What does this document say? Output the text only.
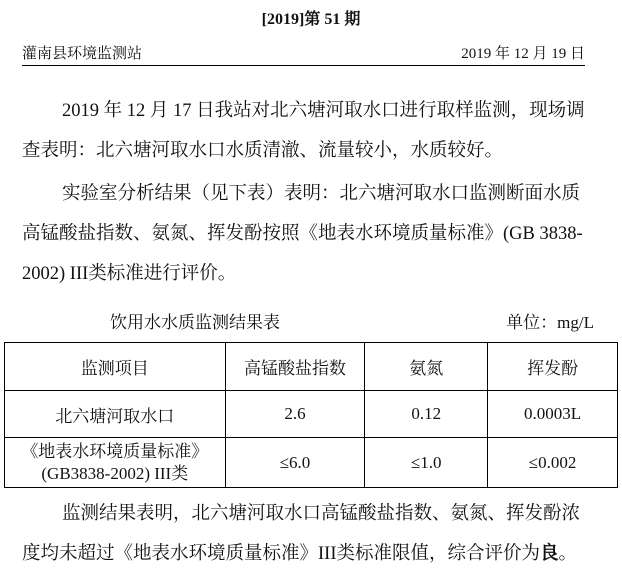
[2019]第 51 期
灌南县环境监测站	2019 年 12 月 19 日
2019 年 12 月 17 日我站对北六塘河取水口进行取样监测，现场调查表明：北六塘河取水口水质清澈、流量较小，水质较好。
实验室分析结果（见下表）表明：北六塘河取水口监测断面水质高锰酸盐指数、氨氮、挥发酚按照《地表水环境质量标准》(GB 3838-2002) III类标准进行评价。
饮用水水质监测结果表	单位：mg/L
监测项目	高锰酸盐指数	氨氮	挥发酚
北六塘河取水口	2.6	0.12	0.0003L
《地表水环境质量标准》
(GB3838-2002) III类	≤6.0	≤1.0	≤0.002
监测结果表明，北六塘河取水口高锰酸盐指数、氨氮、挥发酚浓度均未超过《地表水环境质量标准》III类标准限值，综合评价为良。
